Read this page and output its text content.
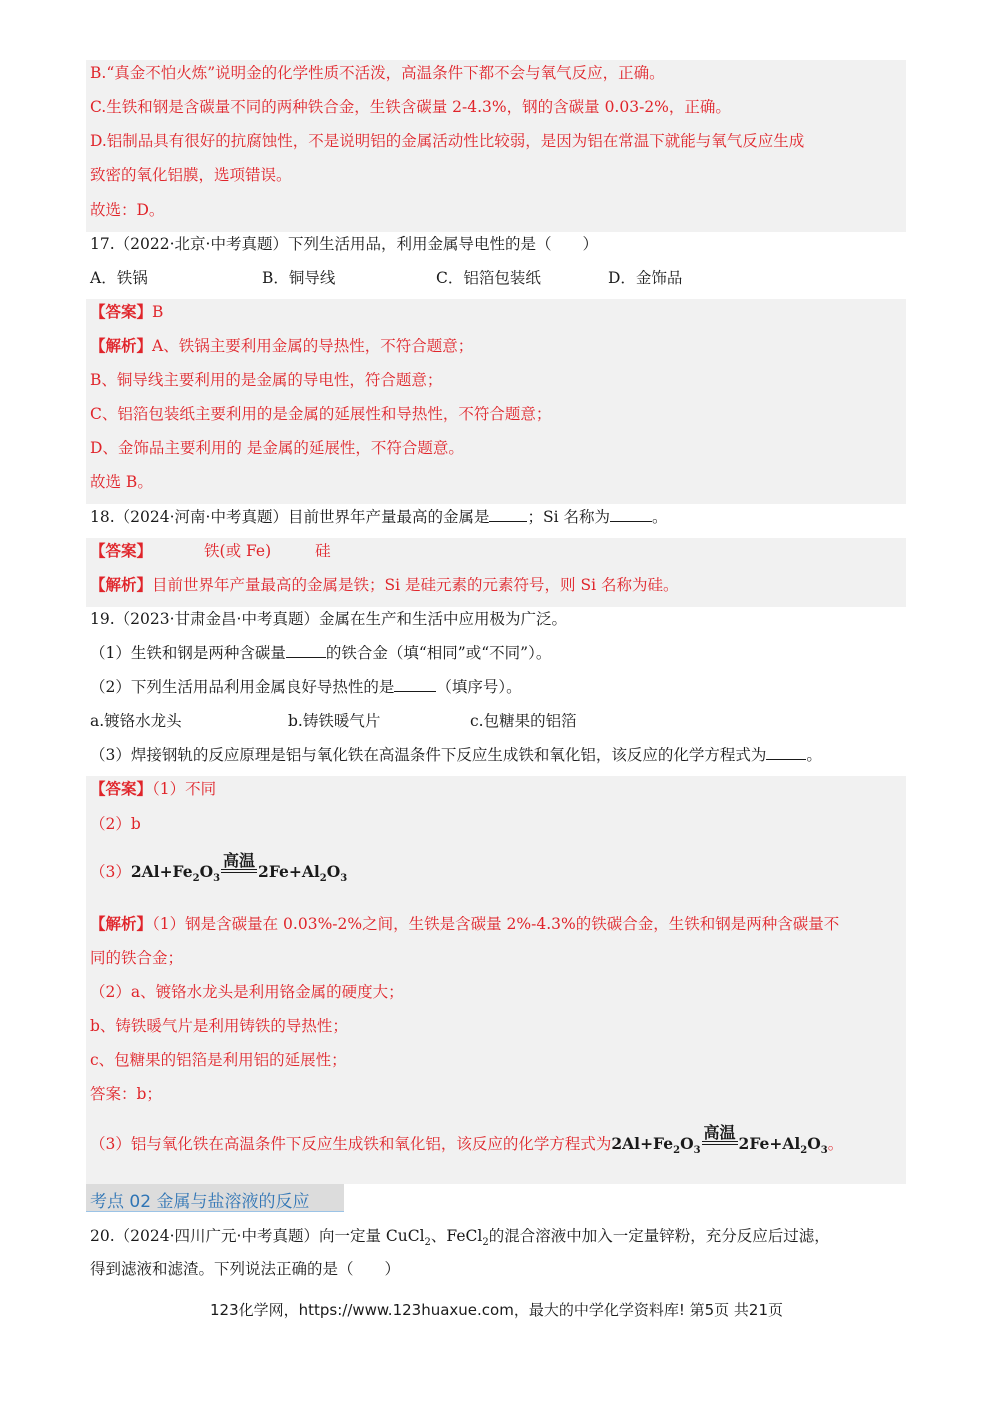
B.“真金不怕火炼”说明金的化学性质不活泼，高温条件下都不会与氧气反应，正确。
C.生铁和钢是含碳量不同的两种铁合金，生铁含碳量 2-4.3%，钢的含碳量 0.03-2%，正确。
D.铝制品具有很好的抗腐蚀性，不是说明铝的金属活动性比较弱，是因为铝在常温下就能与氧气反应生成
致密的氧化铝膜，选项错误。
故选：D。
17.（2022·北京·中考真题）下列生活用品，利用金属导电性的是（　　）
A．铁锅	B．铜导线	C．铝箔包装纸	D．金饰品
【答案】B
【解析】A、铁锅主要利用金属的导热性，不符合题意；
B、铜导线主要利用的是金属的导电性，符合题意；
C、铝箔包装纸主要利用的是金属的延展性和导热性，不符合题意；
D、金饰品主要利用的 是金属的延展性，不符合题意。
故选 B。
18.（2024·河南·中考真题）目前世界年产量最高的金属是 ；Si 名称为	。
【答案】	铁(或 Fe)	硅
【解析】目前世界年产量最高的金属是铁；Si 是硅元素的元素符号，则 Si 名称为硅。
19.（2023·甘肃金昌·中考真题）金属在生产和生活中应用极为广泛。
（1）生铁和钢是两种含碳量	的铁合金（填“相同”或“不同”）。
（2）下列生活用品利用金属良好导热性的是	（填序号）。
a.镀铬水龙头	b.铸铁暖气片	c.包糖果的铝箔
（3）焊接钢轨的反应原理是铝与氧化铁在高温条件下反应生成铁和氧化铝，该反应的化学方程式为	。
【答案】（1）不同
（2）b
$(3)2Al+Fe_2O_3$
高温
$2Fe+Al_2O_3$
【解析】（1）钢是含碳量在 0.03%-2%之间，生铁是含碳量 2%-4.3%的铁碳合金，生铁和钢是两种含碳量不
同的铁合金；
（2）a、镀铬水龙头是利用铬金属的硬度大；
b、铸铁暖气片是利用铸铁的导热性；
c、包糖果的铝箔是利用铝的延展性；
答案：b；
（3）铝与氧化铁在高温条件下反应生成铁和氧化铝，该反应的化学方程式为$2Al+Fe_2O_3$
高温
$2Fe+Al_2O_3$。
考点 02 金属与盐溶液的反应
20.（2024·四川广元·中考真题）向一定量 CuCl$_2$、FeCl$_2$的混合溶液中加入一定量锌粉，充分反应后过滤，
得到滤液和滤渣。下列说法正确的是（　　）
123化学网，https://www.123huaxue.com，最大的中学化学资料库! 第5页 共21页
